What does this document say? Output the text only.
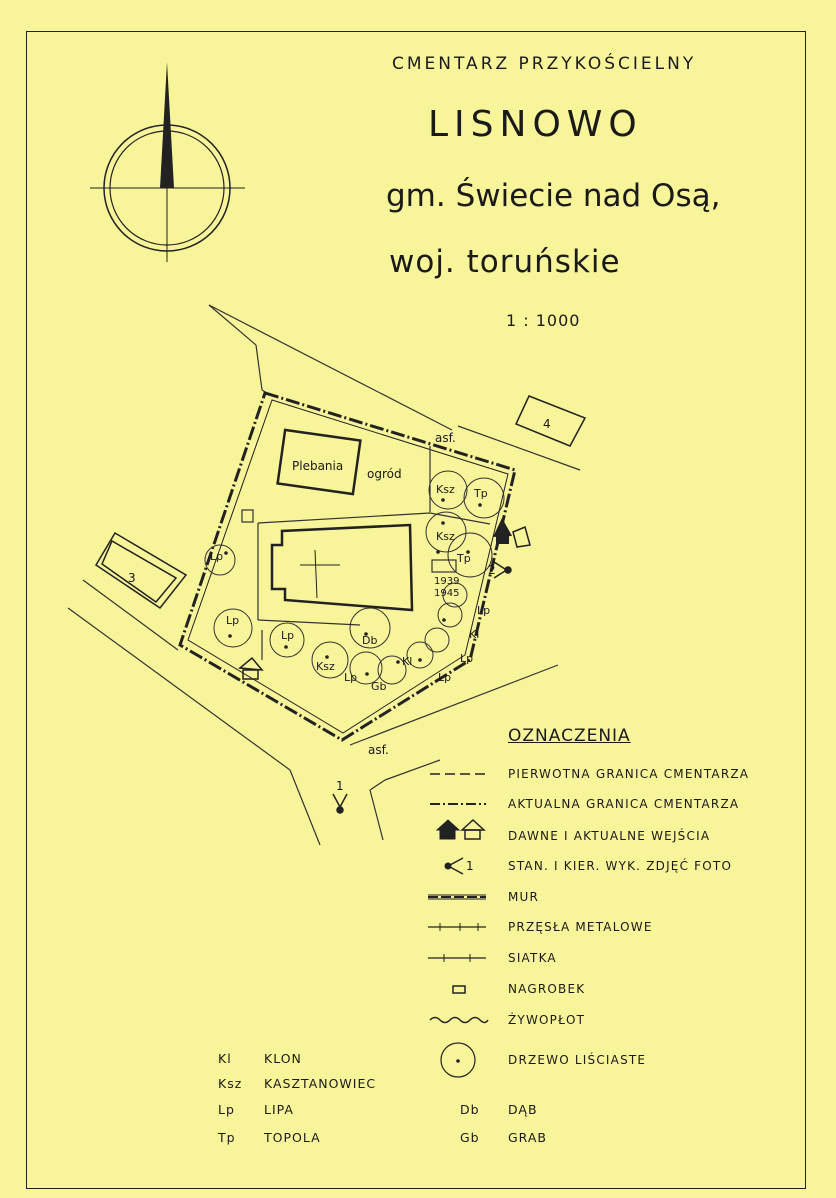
CMENTARZ PRZYKOŚCIELNY
LISNOWO
gm. Świecie nad Osą,
woj. toruńskie
1 : 1000
Plebania
ogród
asf.
asf.
3
4
1
2
1939
1945
Ksz Tp
Ksz
Tp
Lp
Lp
Lp	Db
Ksz
Lp
Gb
Kl
Lp
Kl
Lp
Lp
1
OZNACZENIA
PIERWOTNA GRANICA CMENTARZA
AKTUALNA GRANICA CMENTARZA
DAWNE I AKTUALNE WEJŚCIA
STAN. I KIER. WYK. ZDJĘĆ FOTO
MUR
PRZĘSŁA METALOWE
SIATKA
NAGROBEK
ŻYWOPŁOT
DRZEWO LIŚCIASTE
Kl	KLON
Ksz KASZTANOWIEC
Lp LIPA
Tp TOPOLA
Db DĄB
Gb GRAB
